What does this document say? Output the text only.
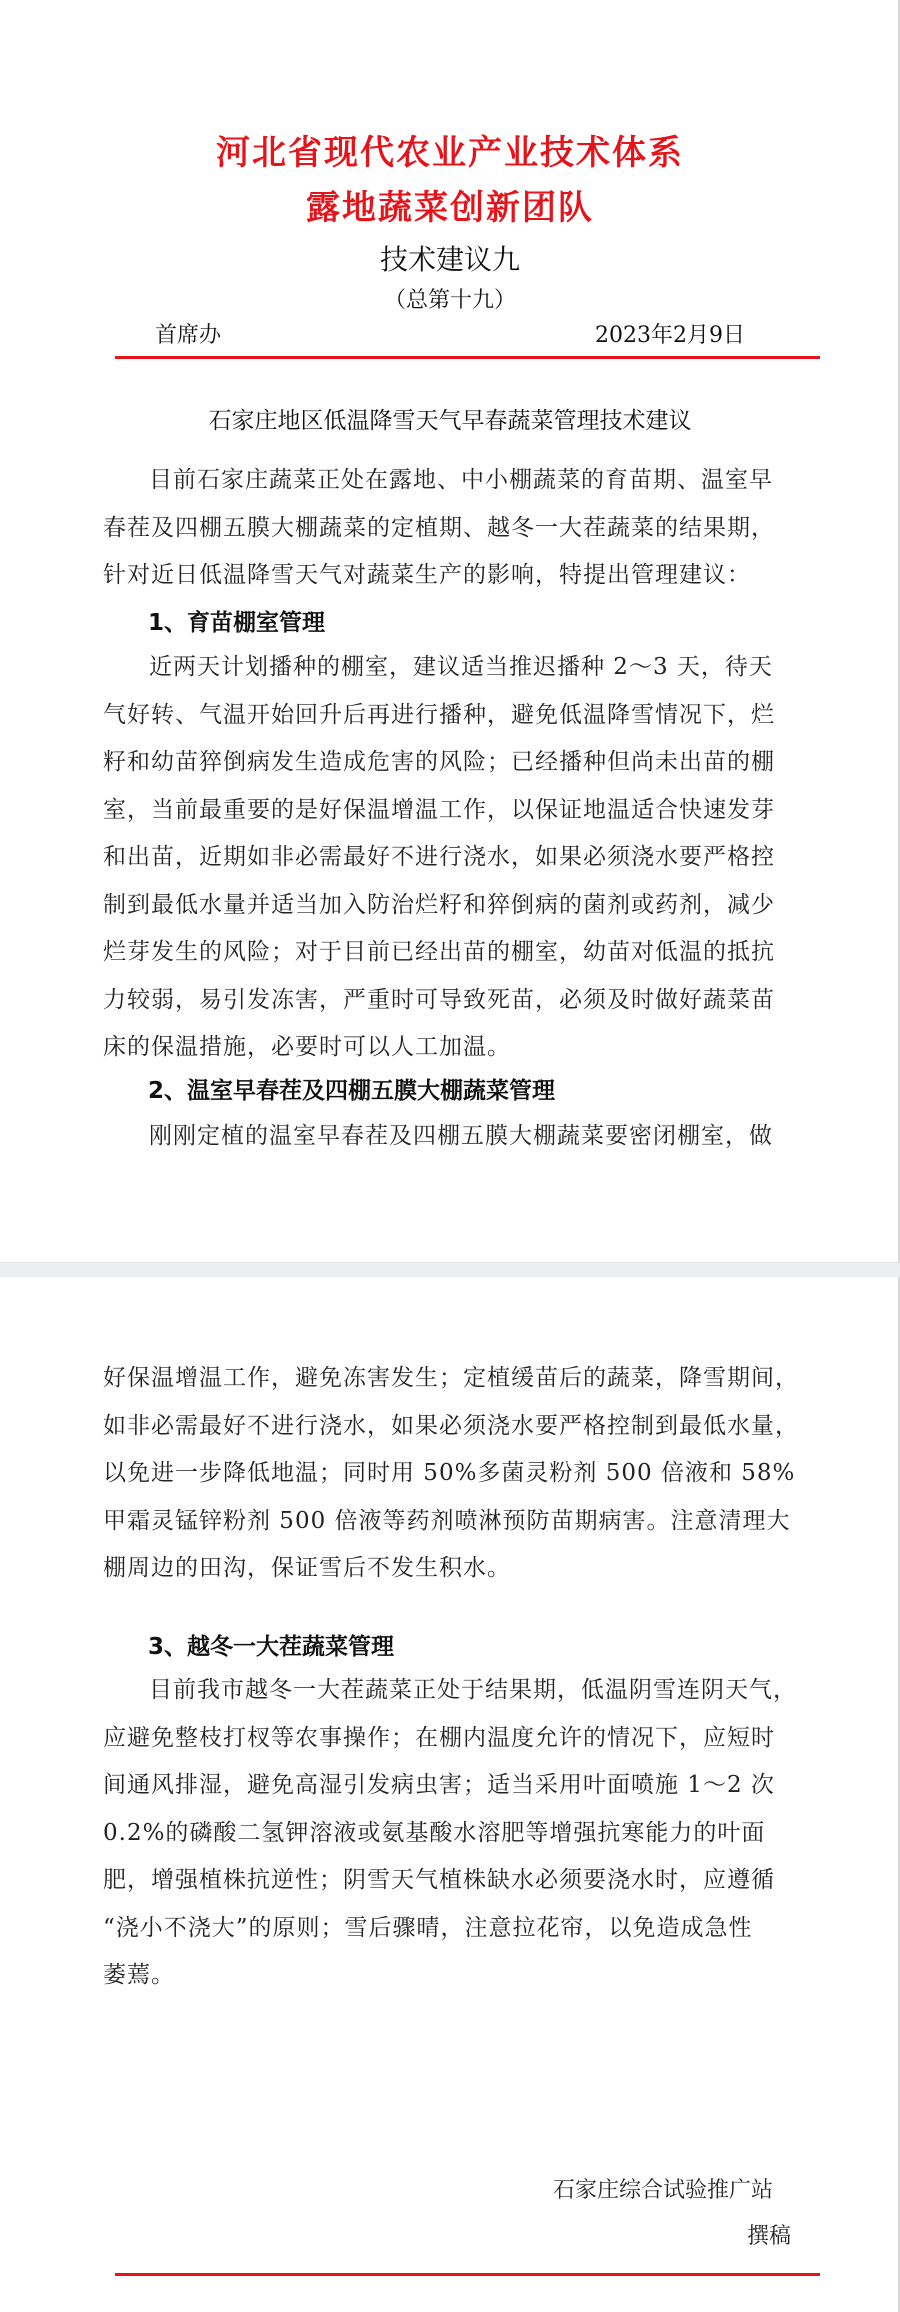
河北省现代农业产业技术体系
露地蔬菜创新团队
技术建议九
（总第十九）
首席办	2023年2月9日
石家庄地区低温降雪天气早春蔬菜管理技术建议
目前石家庄蔬菜正处在露地、中小棚蔬菜的育苗期、温室早
春茬及四棚五膜大棚蔬菜的定植期、越冬一大茬蔬菜的结果期，
针对近日低温降雪天气对蔬菜生产的影响，特提出管理建议：
1、育苗棚室管理
近两天计划播种的棚室，建议适当推迟播种 2～3 天，待天
气好转、气温开始回升后再进行播种，避免低温降雪情况下，烂
籽和幼苗猝倒病发生造成危害的风险；已经播种但尚未出苗的棚
室，当前最重要的是好保温增温工作，以保证地温适合快速发芽
和出苗，近期如非必需最好不进行浇水，如果必须浇水要严格控
制到最低水量并适当加入防治烂籽和猝倒病的菌剂或药剂，减少
烂芽发生的风险；对于目前已经出苗的棚室，幼苗对低温的抵抗
力较弱，易引发冻害，严重时可导致死苗，必须及时做好蔬菜苗
床的保温措施，必要时可以人工加温。
2、温室早春茬及四棚五膜大棚蔬菜管理
刚刚定植的温室早春茬及四棚五膜大棚蔬菜要密闭棚室，做
好保温增温工作，避免冻害发生；定植缓苗后的蔬菜，降雪期间，
如非必需最好不进行浇水，如果必须浇水要严格控制到最低水量，
以免进一步降低地温；同时用 50%多菌灵粉剂 500 倍液和 58%
甲霜灵锰锌粉剂 500 倍液等药剂喷淋预防苗期病害。注意清理大
棚周边的田沟，保证雪后不发生积水。
3、越冬一大茬蔬菜管理
目前我市越冬一大茬蔬菜正处于结果期，低温阴雪连阴天气，
应避免整枝打杈等农事操作；在棚内温度允许的情况下，应短时
间通风排湿，避免高湿引发病虫害；适当采用叶面喷施 1～2 次
0.2%的磷酸二氢钾溶液或氨基酸水溶肥等增强抗寒能力的叶面
肥，增强植株抗逆性；阴雪天气植株缺水必须要浇水时，应遵循
“浇小不浇大”的原则；雪后骤晴，注意拉花帘，以免造成急性
萎蔫。
石家庄综合试验推广站
撰稿
